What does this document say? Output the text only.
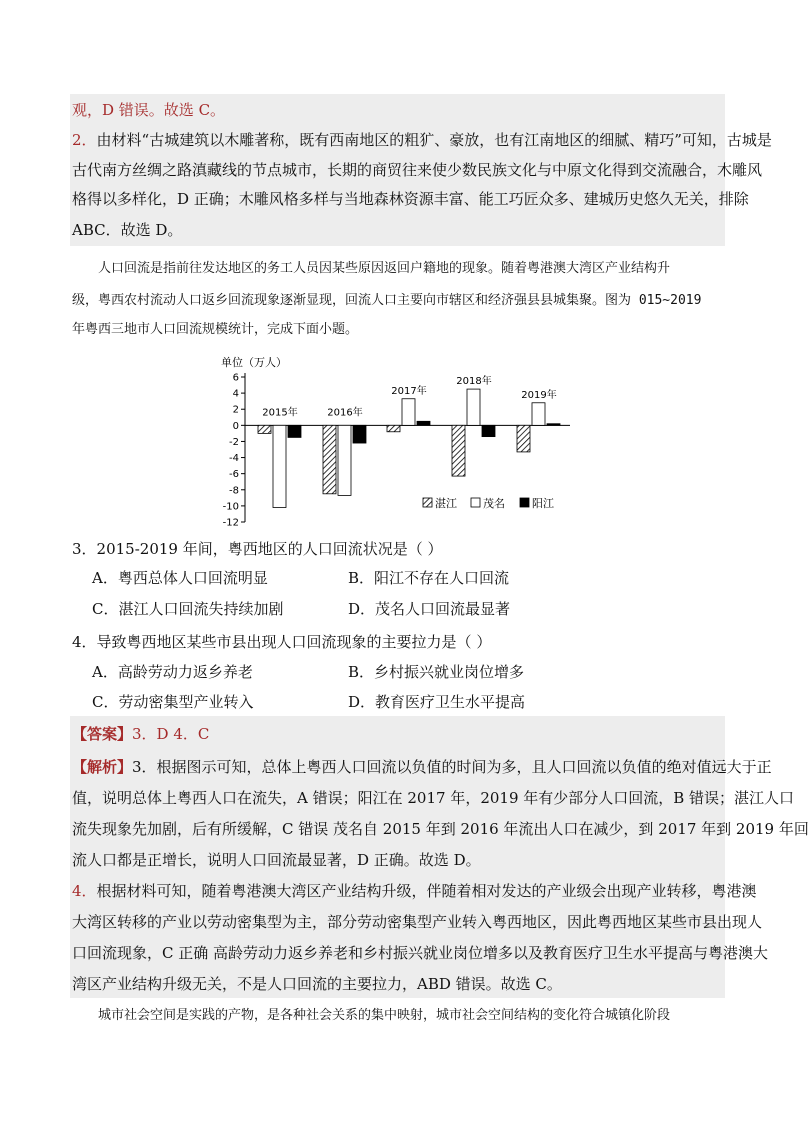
观，D 错误。故选 C。
2．由材料“古城建筑以木雕著称，既有西南地区的粗犷、豪放，也有江南地区的细腻、精巧”可知，古城是
古代南方丝绸之路滇藏线的节点城市，长期的商贸往来使少数民族文化与中原文化得到交流融合，木雕风
格得以多样化，D 正确；木雕风格多样与当地森林资源丰富、能工巧匠众多、建城历史悠久无关，排除
ABC．故选 D。
人口回流是指前往发达地区的务工人员因某些原因返回户籍地的现象。随着粤港澳大湾区产业结构升
级，粤西农村流动人口返乡回流现象逐渐显现，回流人口主要向市辖区和经济强县县城集聚。图为 015~2019
年粤西三地市人口回流规模统计，完成下面小题。
单位（万人）
6
4
2
0
-2
-4
-6
-8
-10
-12
2015年	2016年
2017年
2018年
2019年
湛江 茂名 阳江
3．2015-2019 年间，粤西地区的人口回流状况是（ ）
A．粤西总体人口回流明显	B．阳江不存在人口回流
C．湛江人口回流失持续加剧	D．茂名人口回流最显著
4．导致粤西地区某些市县出现人口回流现象的主要拉力是（ ）
A．高龄劳动力返乡养老	B．乡村振兴就业岗位增多
C．劳动密集型产业转入	D．教育医疗卫生水平提高
【答案】3．D 4．C
【解析】3．根据图示可知，总体上粤西人口回流以负值的时间为多，且人口回流以负值的绝对值远大于正
值，说明总体上粤西人口在流失，A 错误；阳江在 2017 年，2019 年有少部分人口回流，B 错误；湛江人口
流失现象先加剧，后有所缓解，C 错误 茂名自 2015 年到 2016 年流出人口在减少，到 2017 年到 2019 年回
流人口都是正增长，说明人口回流最显著，D 正确。故选 D。
4．根据材料可知，随着粤港澳大湾区产业结构升级，伴随着相对发达的产业级会出现产业转移，粤港澳
大湾区转移的产业以劳动密集型为主，部分劳动密集型产业转入粤西地区，因此粤西地区某些市县出现人
口回流现象，C 正确 高龄劳动力返乡养老和乡村振兴就业岗位增多以及教育医疗卫生水平提高与粤港澳大
湾区产业结构升级无关，不是人口回流的主要拉力，ABD 错误。故选 C。
城市社会空间是实践的产物，是各种社会关系的集中映射，城市社会空间结构的变化符合城镇化阶段
